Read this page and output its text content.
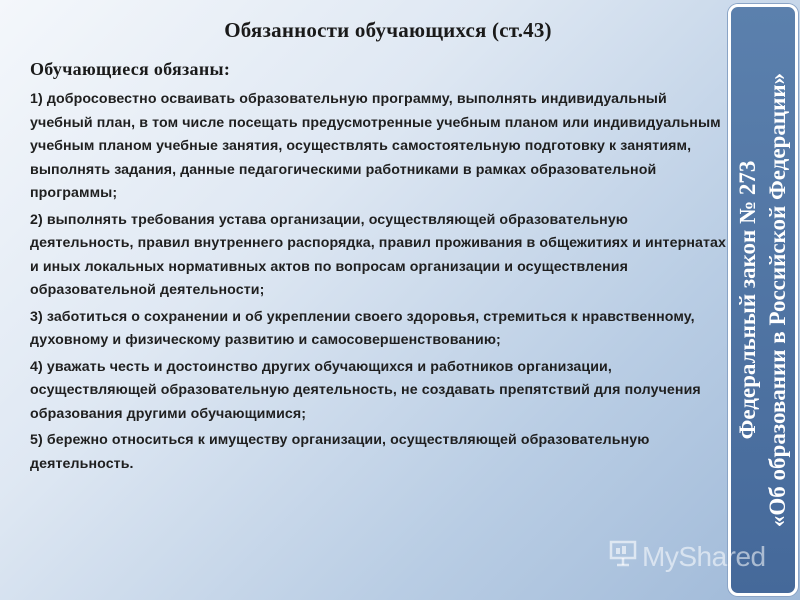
Обязанности обучающихся (ст.43)
Обучающиеся обязаны:
1) добросовестно осваивать образовательную программу, выполнять индивидуальный учебный план, в том числе посещать предусмотренные учебным планом или индивидуальным учебным планом учебные занятия, осуществлять самостоятельную подготовку к занятиям, выполнять задания, данные педагогическими работниками в рамках образовательной программы;
2) выполнять требования устава организации, осуществляющей образовательную деятельность, правил внутреннего распорядка, правил проживания в общежитиях и интернатах и иных локальных нормативных актов по вопросам организации и осуществления образовательной деятельности;
3) заботиться о сохранении и об укреплении своего здоровья, стремиться к нравственному, духовному и физическому развитию и самосовершенствованию;
4) уважать честь и достоинство других обучающихся и работников организации, осуществляющей образовательную деятельность, не создавать препятствий для получения образования другими обучающимися;
5) бережно относиться к имуществу организации, осуществляющей образовательную деятельность.
Федеральный закон № 273 «Об образовании в Российской Федерации»
MyShared
